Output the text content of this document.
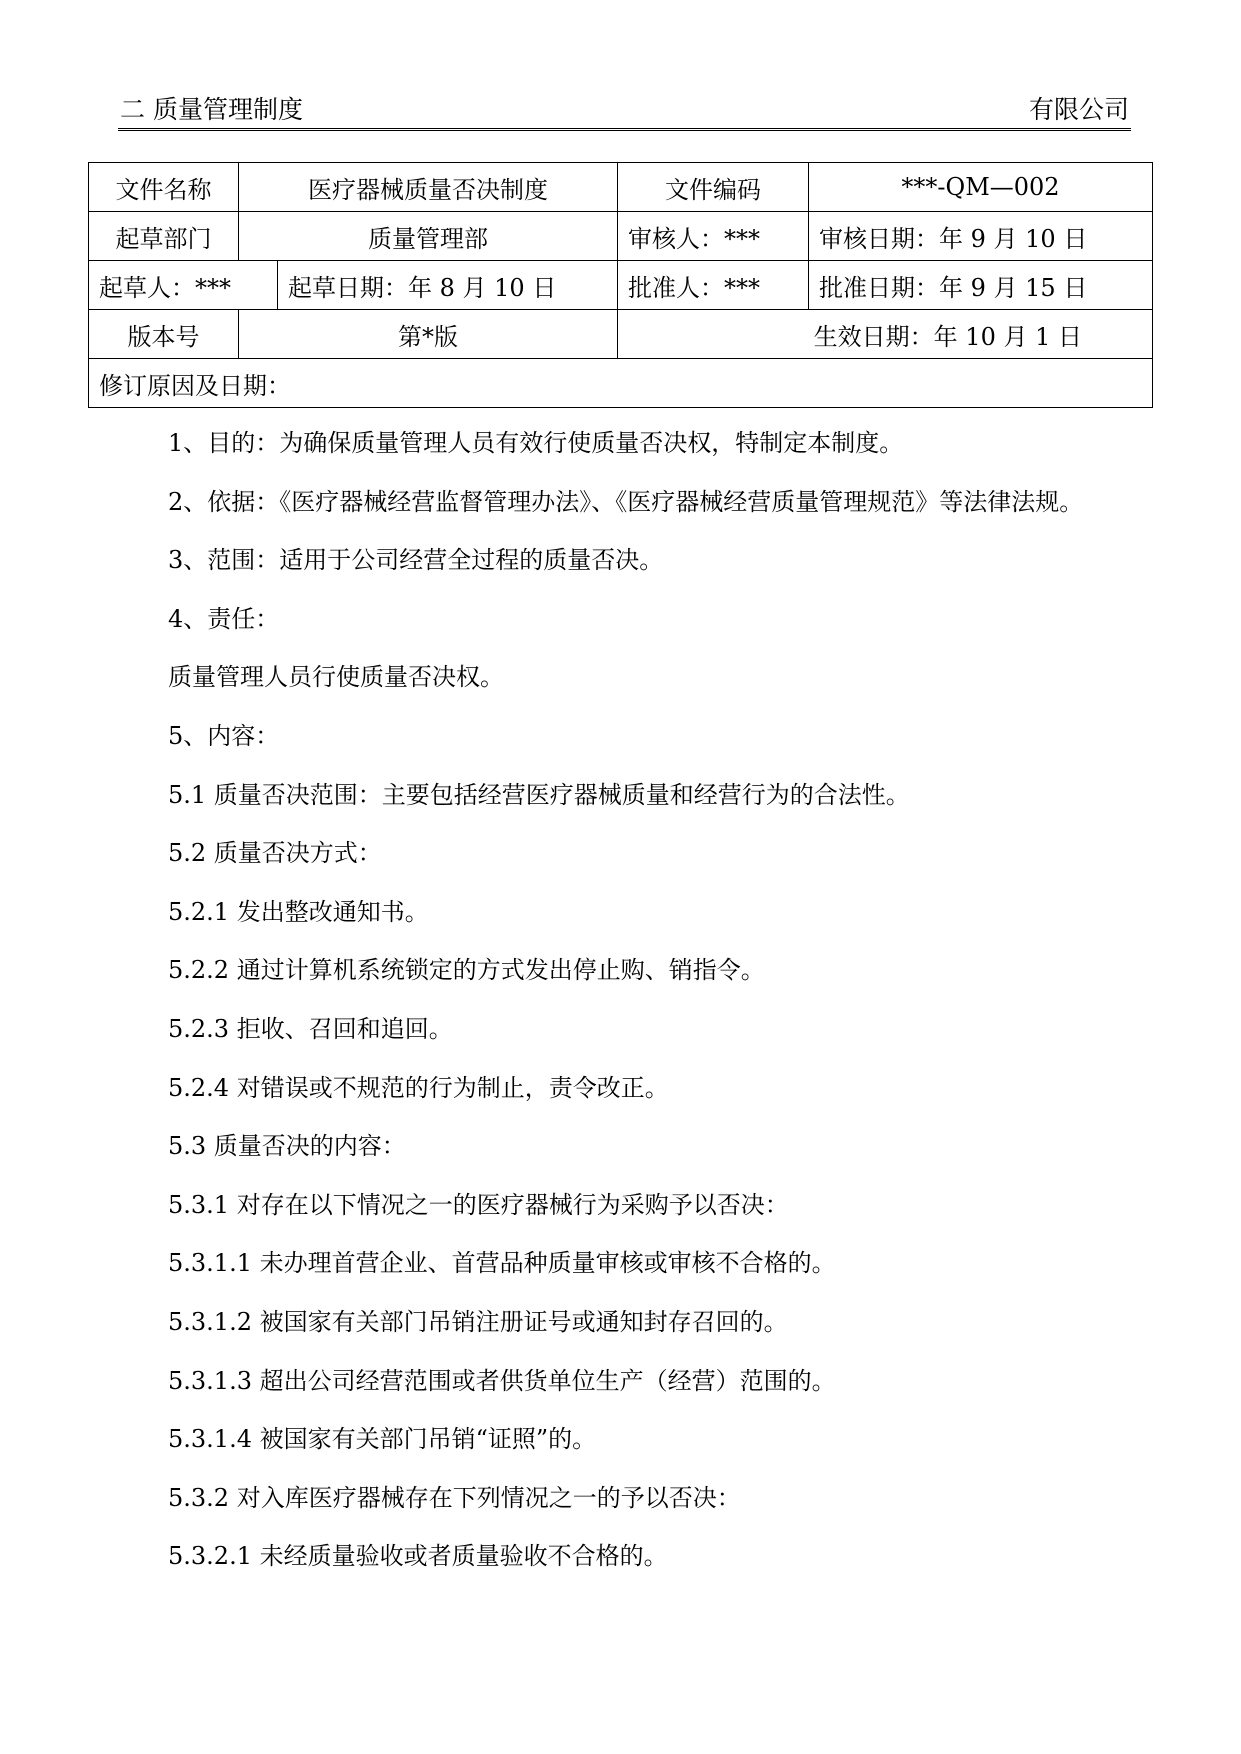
二 质量管理制度	有限公司
文件名称	医疗器械质量否决制度		文件编码	***-QM—002
起草部门	质量管理部		审核人：***	审核日期：年 9 月 10 日
起草人：***		起草日期：年 8 月 10 日	批准人：***	批准日期：年 9 月 15 日
版本号	第*版		生效日期：年 10 月 1 日	
修订原因及日期：				

1、目的：为确保质量管理人员有效行使质量否决权，特制定本制度。

2、依据：《医疗器械经营监督管理办法》、《医疗器械经营质量管理规范》等法律法规。

3、范围：适用于公司经营全过程的质量否决。

4、责任：

质量管理人员行使质量否决权。

5、内容：

5.1 质量否决范围：主要包括经营医疗器械质量和经营行为的合法性。

5.2 质量否决方式：

5.2.1 发出整改通知书。

5.2.2 通过计算机系统锁定的方式发出停止购、销指令。

5.2.3 拒收、召回和追回。

5.2.4 对错误或不规范的行为制止，责令改正。

5.3 质量否决的内容：

5.3.1 对存在以下情况之一的医疗器械行为采购予以否决：

5.3.1.1 未办理首营企业、首营品种质量审核或审核不合格的。

5.3.1.2 被国家有关部门吊销注册证号或通知封存召回的。

5.3.1.3 超出公司经营范围或者供货单位生产（经营）范围的。

5.3.1.4 被国家有关部门吊销“证照”的。

5.3.2 对入库医疗器械存在下列情况之一的予以否决：

5.3.2.1 未经质量验收或者质量验收不合格的。
